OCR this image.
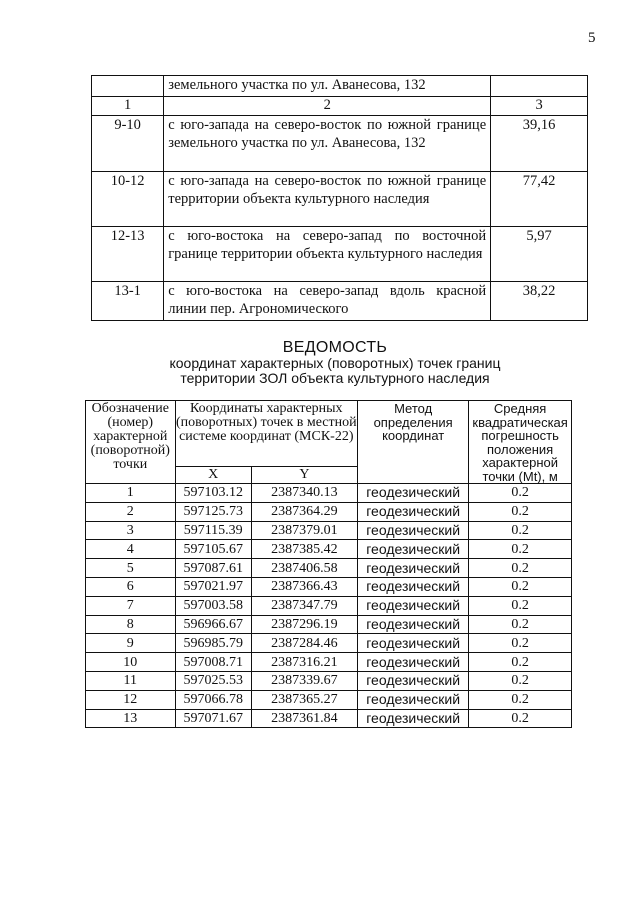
5
	земельного участка по ул. Аванесова, 132	
1	2	3
9-10	с юго-запада на северо-восток по южной границе земельного участка по ул. Аванесова, 132	39,16
10-12	с юго-запада на северо-восток по южной границе территории объекта культурного наследия	77,42
12-13	с юго-востока на северо-запад по восточной границе территории объекта культурного наследия	5,97
13-1	с юго-востока на северо-запад вдоль красной линии пер. Агрономического	38,22
ВЕДОМОСТЬ
координат характерных (поворотных) точек границ
территории ЗОЛ объекта культурного наследия
Обозначение (номер) характерной (поворотной) точки	Координаты характерных (поворотных) точек в местной системе координат (МСК-22)		Метод определения координат	Средняя квадратическая погрешность положения характерной точки (Mt), м
	X	Y		
1	597103.12	2387340.13	геодезический	0.2
2	597125.73	2387364.29	геодезический	0.2
3	597115.39	2387379.01	геодезический	0.2
4	597105.67	2387385.42	геодезический	0.2
5	597087.61	2387406.58	геодезический	0.2
6	597021.97	2387366.43	геодезический	0.2
7	597003.58	2387347.79	геодезический	0.2
8	596966.67	2387296.19	геодезический	0.2
9	596985.79	2387284.46	геодезический	0.2
10	597008.71	2387316.21	геодезический	0.2
11	597025.53	2387339.67	геодезический	0.2
12	597066.78	2387365.27	геодезический	0.2
13	597071.67	2387361.84	геодезический	0.2
